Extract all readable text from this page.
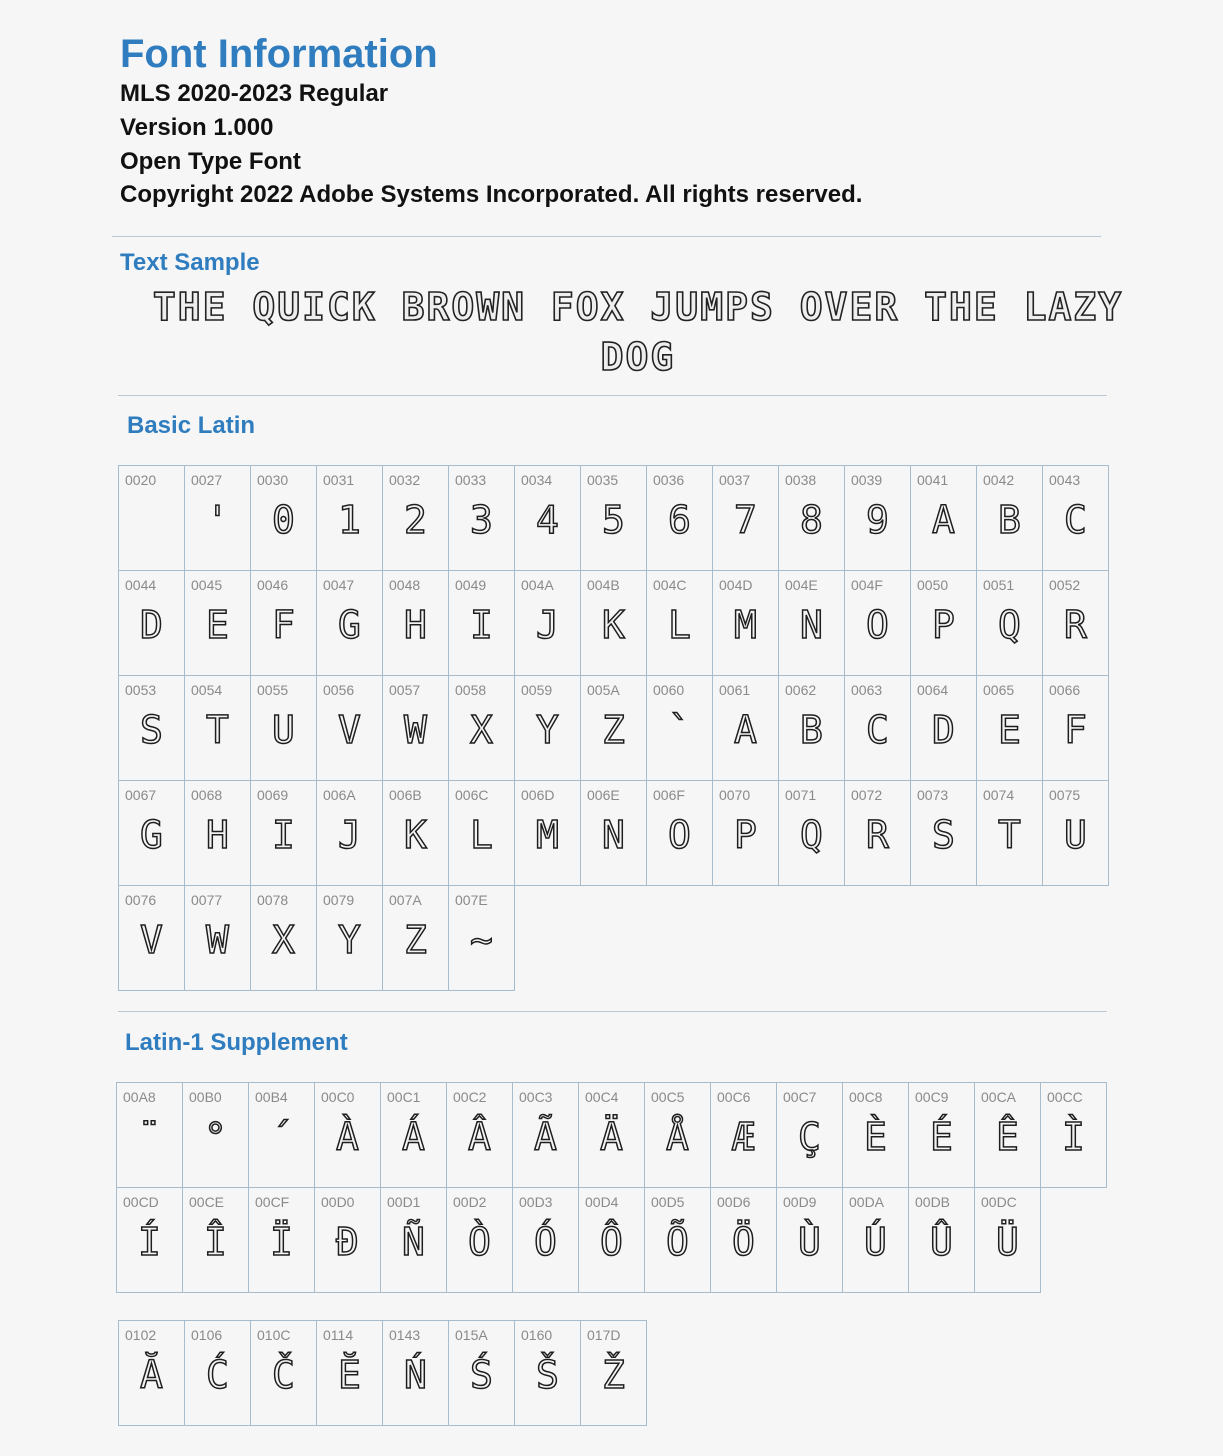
Font Information
MLS 2020-2023 Regular
Version 1.000
Open Type Font
Copyright 2022 Adobe Systems Incorporated. All rights reserved.
Text Sample
THE QUICK BROWN FOX JUMPS OVER THE LAZY DOG
Basic Latin
0020 0027
'
0030
0
0031
1
0032
2
0033
3
0034
4
0035
5
0036
6
0037
7
0038
8
0039
9
0041
A
0042
B
0043
C
0044
D
0045
E
0046
F
0047
G
0048
H
0049
I
004A
J
004B
K
004C
L
004D
M
004E
N
004F
O
0050
P
0051
Q
0052
R
0053
S
0054
T
0055
U
0056
V
0057
W
0058
X
0059
Y
005A
Z
0060
`
0061
A
0062
B
0063
C
0064
D
0065
E
0066
F
0067
G
0068
H
0069
I
006A
J
006B
K
006C
L
006D
M
006E
N
006F
O
0070
P
0071
Q
0072
R
0073
S
0074
T
0075
U
0076
V
0077
W
0078
X
0079
Y
007A
Z
007E
~
Latin-1 Supplement
00A8
¨
00B0
°
00B4
´
00C0
À
00C1
Á
00C2
Â
00C3
Ã
00C4
Ä
00C5
Å
00C6
Æ
00C7
Ç
00C8
È
00C9
É
00CA
Ê
00CC
Ì
00CD
Í
00CE
Î
00CF
Ï
00D0
Ð
00D1
Ñ
00D2
Ò
00D3
Ó
00D4
Ô
00D5
Õ
00D6
Ö
00D9
Ù
00DA
Ú
00DB
Û
00DC
Ü
0102
Ă
0106
Ć
010C
Č
0114
Ĕ
0143
Ń
015A
Ś
0160
Š
017D
Ž
